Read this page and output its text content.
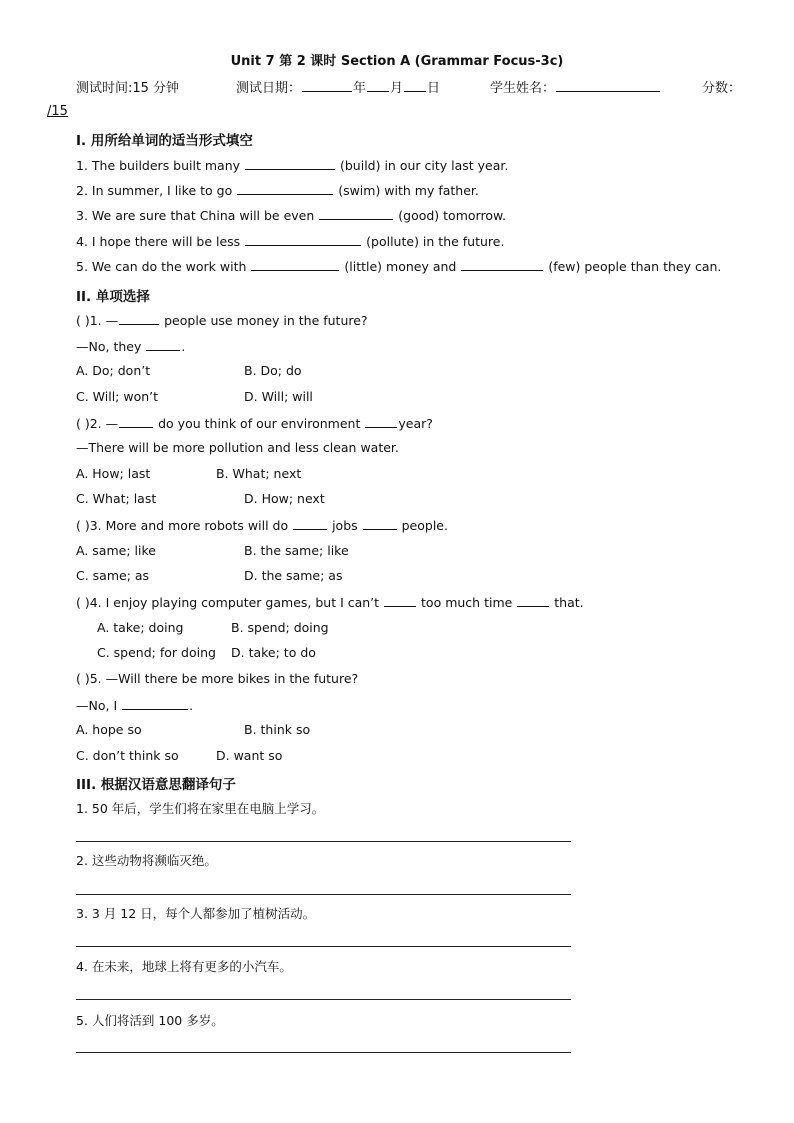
Unit 7 第 2 课时 Section A (Grammar Focus-3c)
测试时间:15 分钟	测试日期：	年 月 日	学生姓名：	分数：
/15
I. 用所给单词的适当形式填空
1. The builders built many	(build) in our city last year.
2. In summer, I like to go	(swim) with my father.
3. We are sure that China will be even	(good) tomorrow.
4. I hope there will be less	(pollute) in the future.
5. We can do the work with	(little) money and	(few) people than they can.
II. 单项选择
( )1. —	people use money in the future?
—No, they	.
A. Do; don’t	B. Do; do
C. Will; won’t	D. Will; will
( )2. —	do you think of our environment	year?
—There will be more pollution and less clean water.
A. How; last	B. What; next
C. What; last	D. How; next
( )3. More and more robots will do	jobs	people.
A. same; like	B. the same; like
C. same; as	D. the same; as
( )4. I enjoy playing computer games, but I can’t	too much time	that.
A. take; doing	B. spend; doing
C. spend; for doing D. take; to do
( )5. —Will there be more bikes in the future?
—No, I	.
A. hope so	B. think so
C. don’t think so	D. want so
III. 根据汉语意思翻译句子
1. 50 年后，学生们将在家里在电脑上学习。
2. 这些动物将濒临灭绝。
3. 3 月 12 日，每个人都参加了植树活动。
4. 在未来，地球上将有更多的小汽车。
5. 人们将活到 100 多岁。
